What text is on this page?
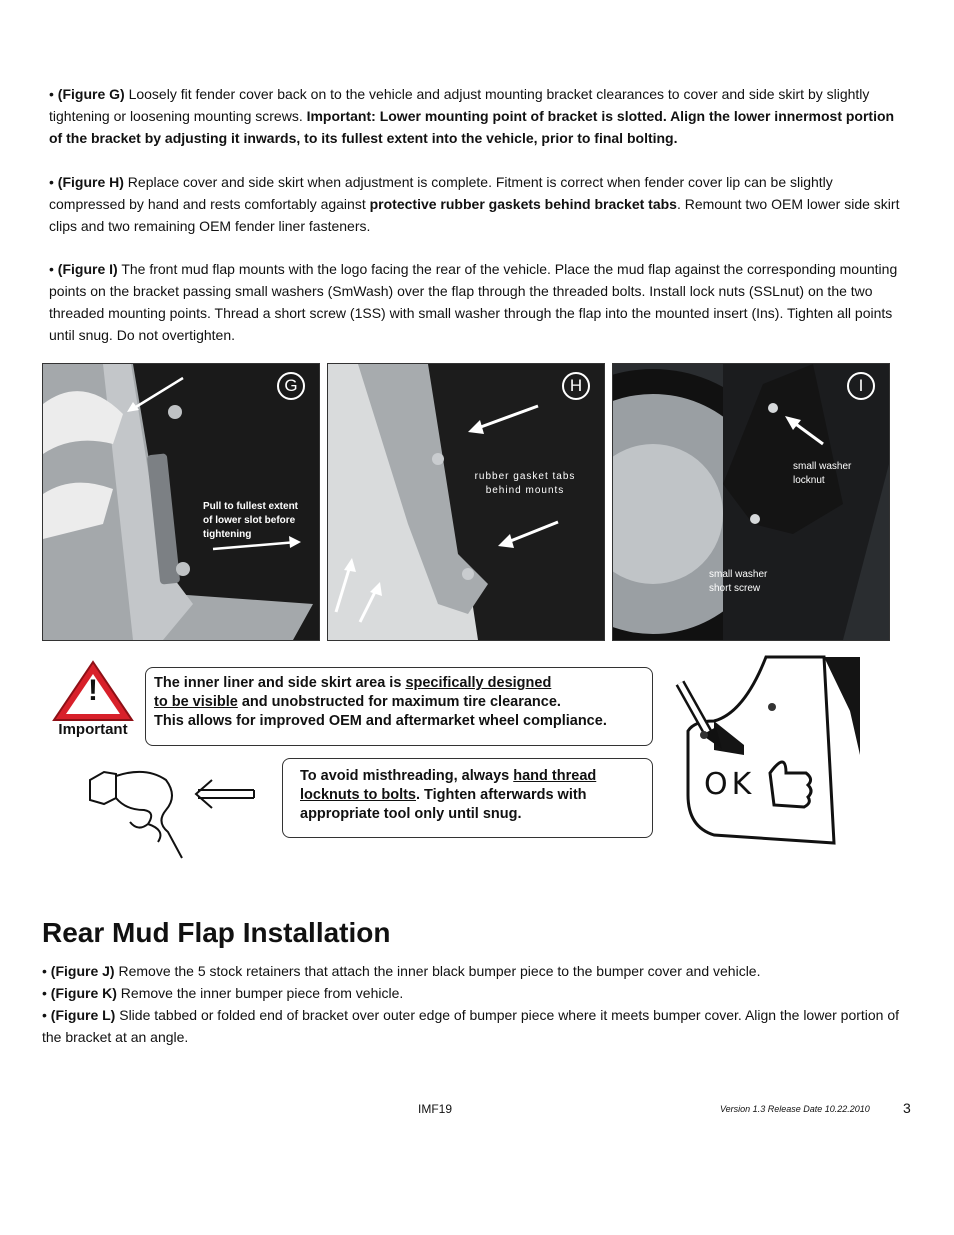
• (Figure G) Loosely fit fender cover back on to the vehicle and adjust mounting bracket clearances to cover and side skirt by slightly tightening or loosening mounting screws. Important: Lower mounting point of bracket is slotted. Align the lower innermost portion of the bracket by adjusting it inwards, to its fullest extent into the vehicle, prior to final bolting.
• (Figure H) Replace cover and side skirt when adjustment is complete. Fitment is correct when fender cover lip can be slightly compressed by hand and rests comfortably against protective rubber gaskets behind bracket tabs. Remount two OEM lower side skirt clips and two remaining OEM fender liner fasteners.
• (Figure I) The front mud flap mounts with the logo facing the rear of the vehicle. Place the mud flap against the corresponding mounting points on the bracket passing small washers (SmWash) over the flap through the threaded bolts. Install lock nuts (SSLnut) on the two threaded mounting points. Thread a short screw (1SS) with small washer through the flap into the mounted insert (Ins). Tighten all points until snug. Do not overtighten.
G
Pull to fullest extent of lower slot before tightening
H
rubber gasket tabs behind mounts
I
small washer locknut
small washer short screw
!
Important
The inner liner and side skirt area is specifically designed
to be visible and unobstructed for maximum tire clearance.
This allows for improved OEM and aftermarket wheel compliance.
To avoid misthreading, always hand thread
locknuts to bolts. Tighten afterwards with
appropriate tool only until snug.
OK
Rear Mud Flap Installation
• (Figure J) Remove the 5 stock retainers that attach the inner black bumper piece to the bumper cover and vehicle.
• (Figure K) Remove the inner bumper piece from vehicle.
• (Figure L) Slide tabbed or folded end of bracket over outer edge of bumper piece where it meets bumper cover. Align the lower portion of the bracket at an angle.
IMF19	Version 1.3 Release Date 10.22.2010 3
